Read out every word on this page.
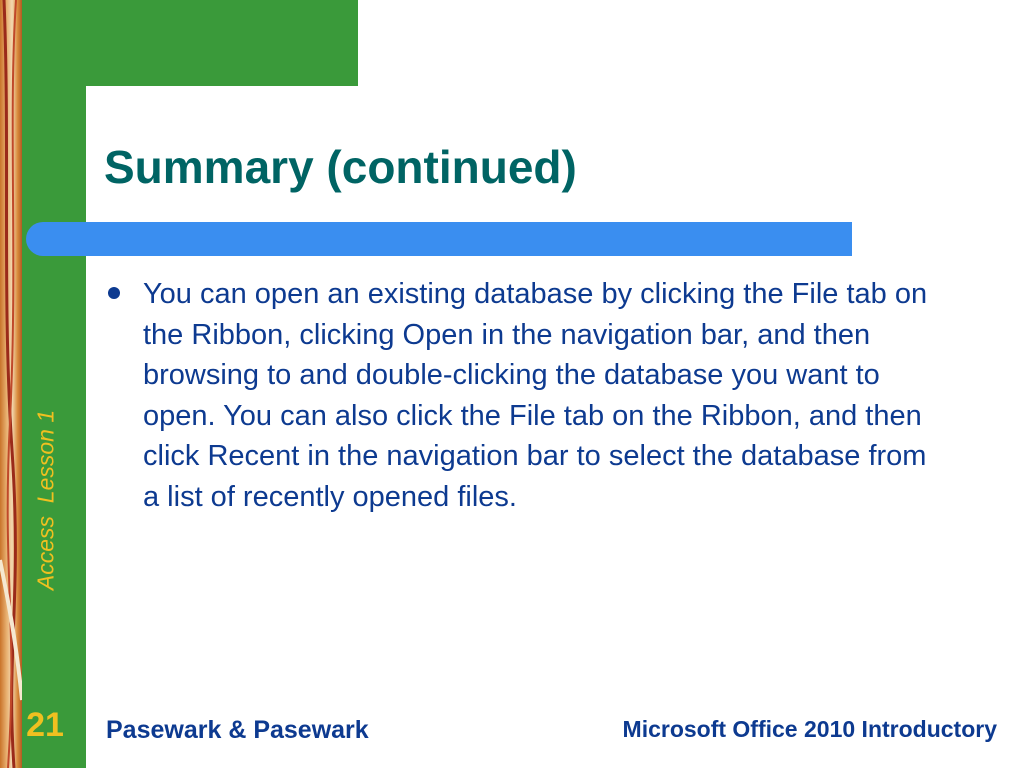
Summary (continued)

You can open an existing database by clicking the File tab on the Ribbon, clicking Open in the navigation bar, and then browsing to and double-clicking the database you want to open. You can also click the File tab on the Ribbon, and then click Recent in the navigation bar to select the database from a list of recently opened files.

Access  Lesson 1
21 Pasewark & Pasewark	Microsoft Office 2010 Introductory
